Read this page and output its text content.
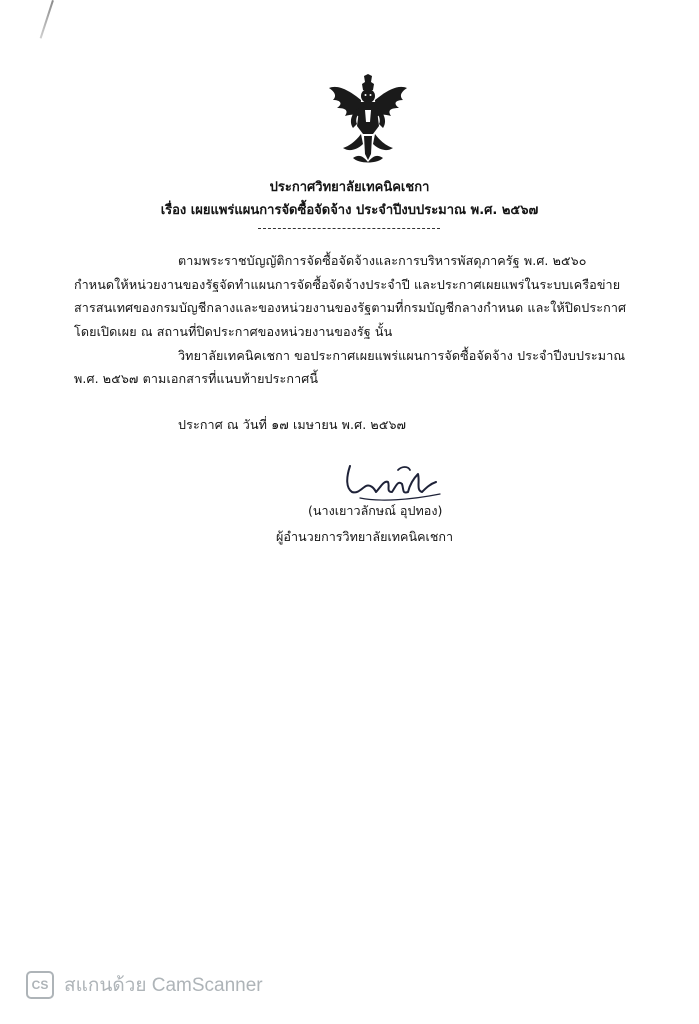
ประกาศวิทยาลัยเทคนิคเชกา
เรื่อง เผยแพร่แผนการจัดซื้อจัดจ้าง ประจำปีงบประมาณ พ.ศ. ๒๕๖๗
ตามพระราชบัญญัติการจัดซื้อจัดจ้างและการบริหารพัสดุภาครัฐ พ.ศ. ๒๕๖๐
กำหนดให้หน่วยงานของรัฐจัดทำแผนการจัดซื้อจัดจ้างประจำปี และประกาศเผยแพร่ในระบบเครือข่าย
สารสนเทศของกรมบัญชีกลางและของหน่วยงานของรัฐตามที่กรมบัญชีกลางกำหนด และให้ปิดประกาศ
โดยเปิดเผย ณ สถานที่ปิดประกาศของหน่วยงานของรัฐ นั้น
วิทยาลัยเทคนิคเชกา ขอประกาศเผยแพร่แผนการจัดซื้อจัดจ้าง ประจำปีงบประมาณ
พ.ศ. ๒๕๖๗ ตามเอกสารที่แนบท้ายประกาศนี้
ประกาศ ณ วันที่ ๑๗ เมษายน พ.ศ. ๒๕๖๗
(นางเยาวลักษณ์ อุปทอง)
ผู้อำนวยการวิทยาลัยเทคนิคเชกา
CS สแกนด้วย CamScanner
